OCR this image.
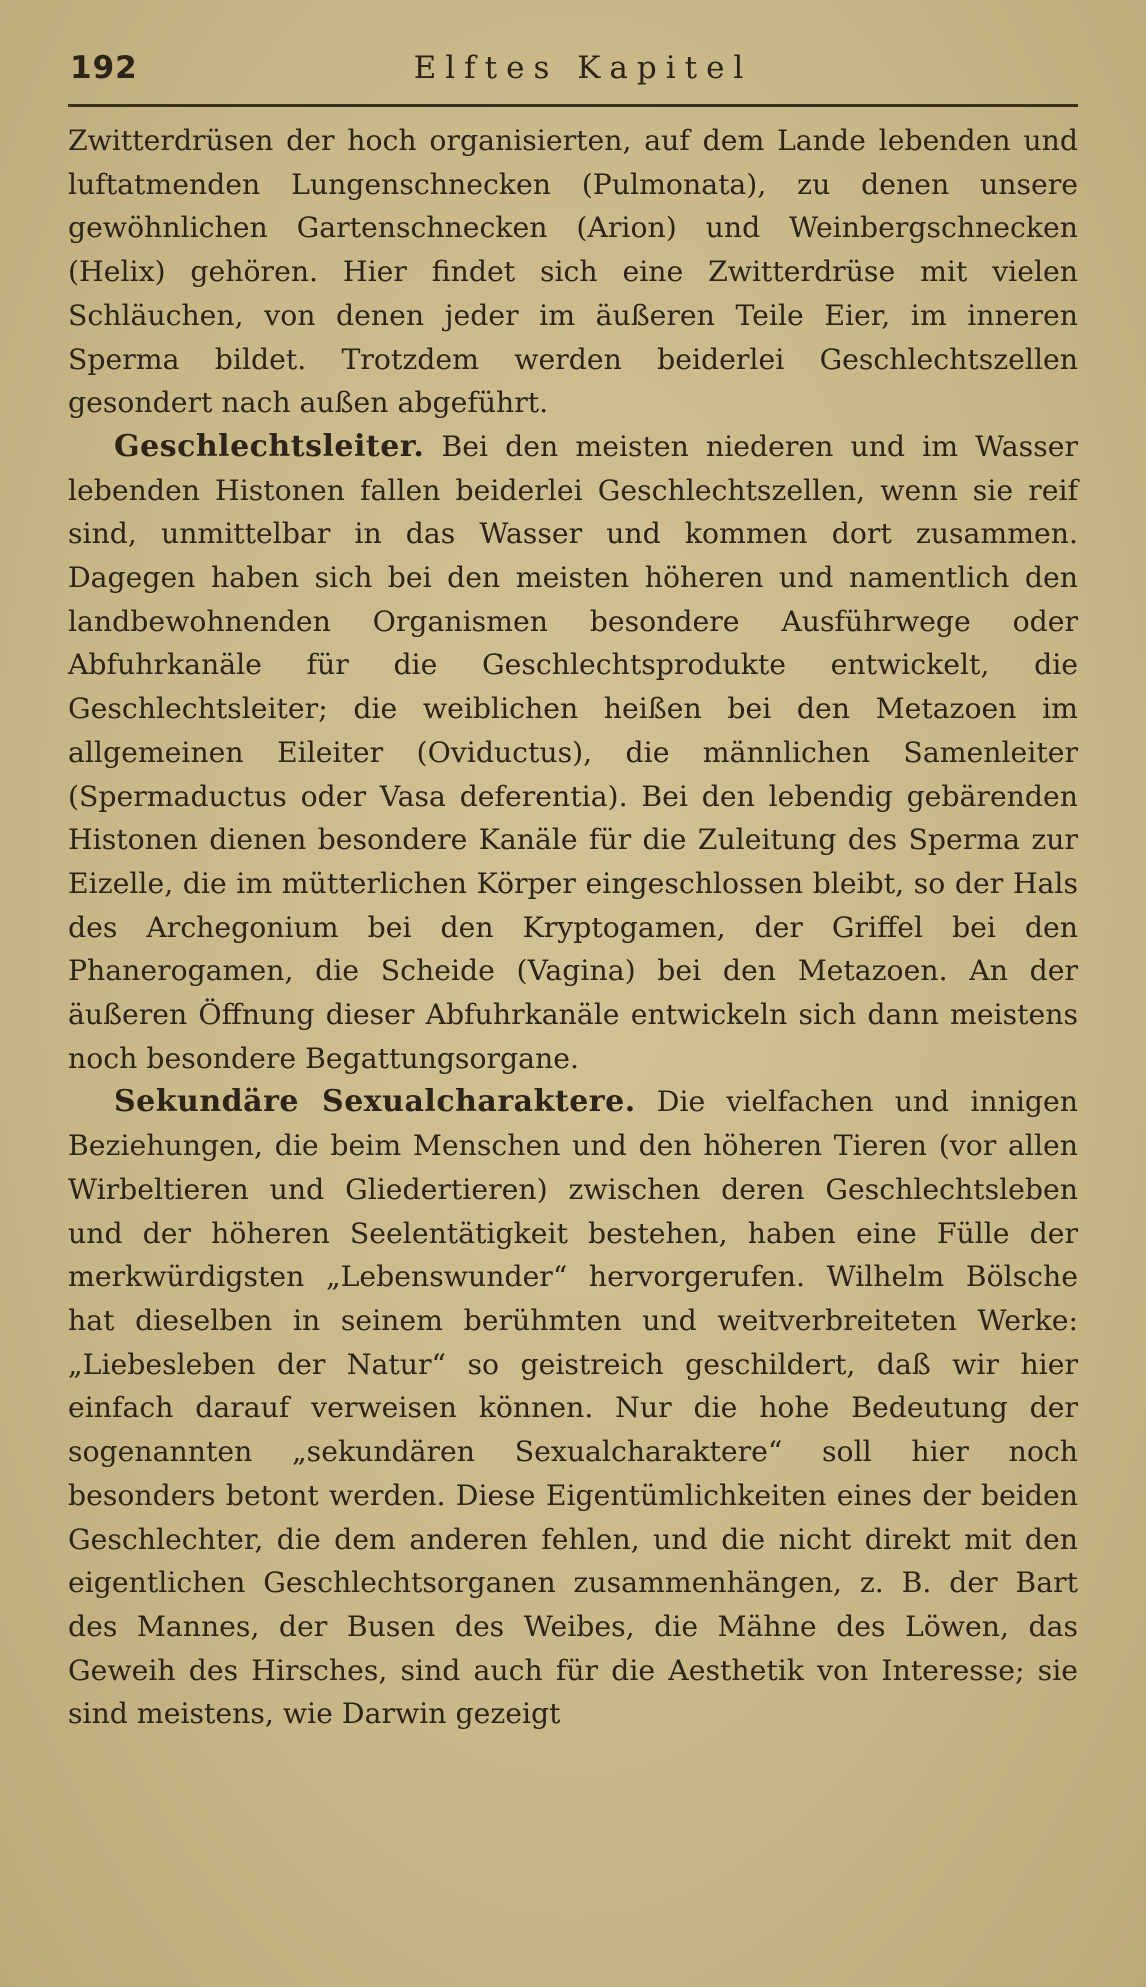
192	Elftes Kapitel

Zwitterdrüsen der hoch organisierten, auf dem Lande lebenden und luftatmenden Lungenschnecken (Pulmonata), zu denen unsere gewöhnlichen Gartenschnecken (Arion) und Weinbergschnecken (Helix) gehören. Hier findet sich eine Zwitterdrüse mit vielen Schläuchen, von denen jeder im äußeren Teile Eier, im inneren Sperma bildet. Trotzdem werden beiderlei Geschlechtszellen gesondert nach außen abgeführt.

Geschlechtsleiter. Bei den meisten niederen und im Wasser lebenden Histonen fallen beiderlei Geschlechtszellen, wenn sie reif sind, unmittelbar in das Wasser und kommen dort zusammen. Dagegen haben sich bei den meisten höheren und namentlich den landbewohnenden Organismen besondere Ausführwege oder Abfuhrkanäle für die Geschlechtsprodukte entwickelt, die Geschlechtsleiter; die weiblichen heißen bei den Metazoen im allgemeinen Eileiter (Oviductus), die männlichen Samenleiter (Spermaductus oder Vasa deferentia). Bei den lebendig gebärenden Histonen dienen besondere Kanäle für die Zuleitung des Sperma zur Eizelle, die im mütterlichen Körper eingeschlossen bleibt, so der Hals des Archegonium bei den Kryptogamen, der Griffel bei den Phanerogamen, die Scheide (Vagina) bei den Metazoen. An der äußeren Öffnung dieser Abfuhrkanäle entwickeln sich dann meistens noch besondere Begattungsorgane.

Sekundäre Sexualcharaktere. Die vielfachen und innigen Beziehungen, die beim Menschen und den höheren Tieren (vor allen Wirbeltieren und Gliedertieren) zwischen deren Geschlechtsleben und der höheren Seelentätigkeit bestehen, haben eine Fülle der merkwürdigsten „Lebenswunder“ hervorgerufen. Wilhelm Bölsche hat dieselben in seinem berühmten und weitverbreiteten Werke: „Liebesleben der Natur“ so geistreich geschildert, daß wir hier einfach darauf verweisen können. Nur die hohe Bedeutung der sogenannten „sekundären Sexualcharaktere“ soll hier noch besonders betont werden. Diese Eigentümlichkeiten eines der beiden Geschlechter, die dem anderen fehlen, und die nicht direkt mit den eigentlichen Geschlechtsorganen zusammenhängen, z. B. der Bart des Mannes, der Busen des Weibes, die Mähne des Löwen, das Geweih des Hirsches, sind auch für die Aesthetik von Interesse; sie sind meistens, wie Darwin gezeigt
